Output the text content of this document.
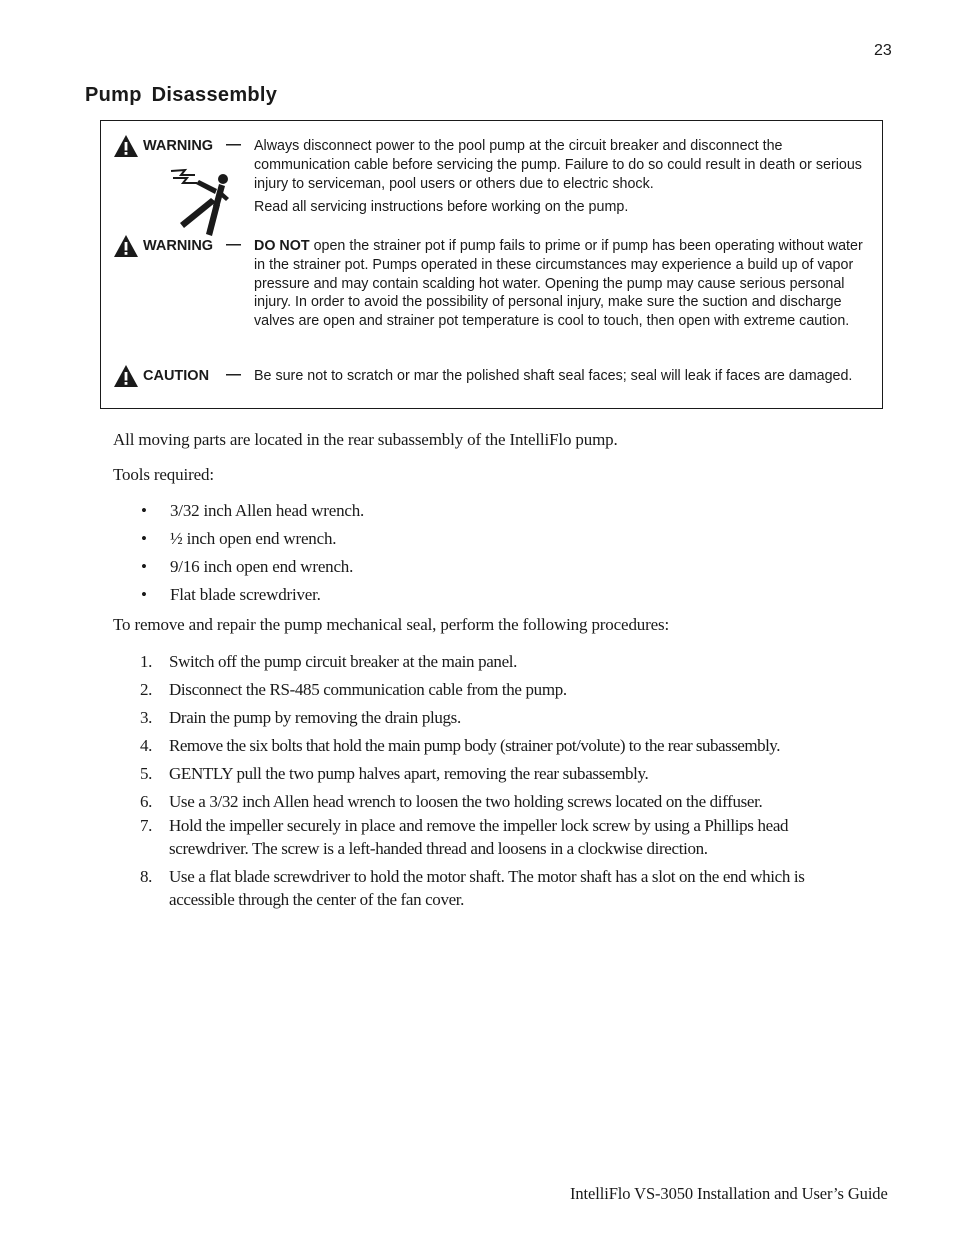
23
Pump Disassembly
WARNING — Always disconnect power to the pool pump at the circuit breaker and disconnect the communication cable before servicing the pump. Failure to do so could result in death or serious injury to serviceman, pool users or others due to electric shock.

Read all servicing instructions before working on the pump.

WARNING — DO NOT open the strainer pot if pump fails to prime or if pump has been operating without water in the strainer pot. Pumps operated in these circumstances may experience a build up of vapor pressure and may contain scalding hot water. Opening the pump may cause serious personal injury. In order to avoid the possibility of personal injury, make sure the suction and discharge valves are open and strainer pot temperature is cool to touch, then open with extreme caution.

CAUTION — Be sure not to scratch or mar the polished shaft seal faces; seal will leak if faces are damaged.

All moving parts are located in the rear subassembly of the IntelliFlo pump.

Tools required:

•	3/32 inch Allen head wrench.
•	½ inch open end wrench.
•	9/16 inch open end wrench.
•	Flat blade screwdriver.

To remove and repair the pump mechanical seal, perform the following procedures:

1. Switch off the pump circuit breaker at the main panel.
2. Disconnect the RS-485 communication cable from the pump.
3. Drain the pump by removing the drain plugs.
4. Remove the six bolts that hold the main pump body (strainer pot/volute) to the rear subassembly.
5. GENTLY pull the two pump halves apart, removing the rear subassembly.
6. Use a 3/32 inch Allen head wrench to loosen the two holding screws located on the diffuser.
7. Hold the impeller securely in place and remove the impeller lock screw by using a Phillips head screwdriver. The screw is a left-handed thread and loosens in a clockwise direction.
8. Use a flat blade screwdriver to hold the motor shaft. The motor shaft has a slot on the end which is accessible through the center of the fan cover.
IntelliFlo VS-3050 Installation and User’s Guide
